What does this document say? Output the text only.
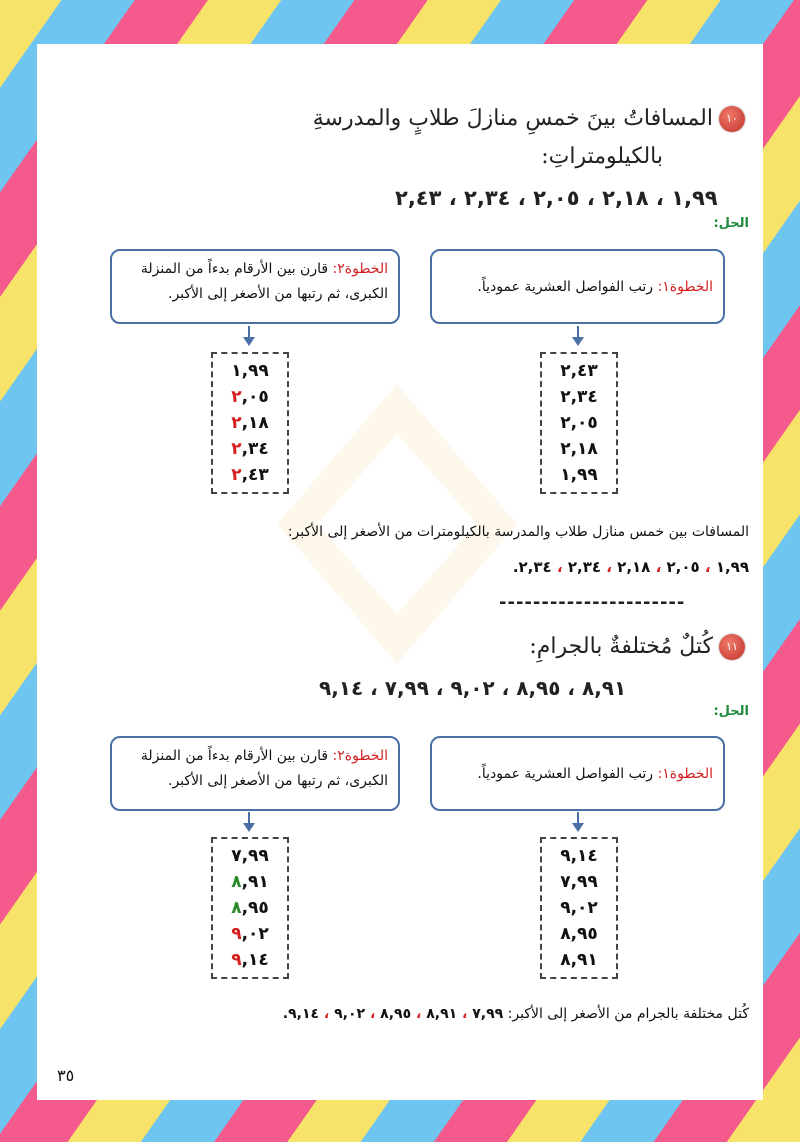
١٠المسافاتُ بينَ خمسِ منازلَ طلابٍ والمدرسةِ
بالكيلومتراتِ:
١,٩٩ ، ٢,١٨ ، ٢,٠٥ ، ٢,٣٤ ، ٢,٤٣
الحل:
الخطوة١: رتب الفواصل العشرية عمودياً.
الخطوة٢: قارن بين الأرقام بدءاً من المنزلة الكبرى، ثم رتبها من الأصغر إلى الأكبر.
٢,٤٣
٢,٣٤
٢,٠٥
٢,١٨
١,٩٩
١,٩٩
٢,٠٥
٢,١٨
٢,٣٤
٢,٤٣
المسافات بين خمس منازل طلاب والمدرسة بالكيلومترات من الأصغر إلى الأكبر:
١,٩٩ ، ٢,٠٥ ، ٢,١٨ ، ٢,٣٤ ، ٢,٣٤.
----------------------
١١كُتلٌ مُختلفةٌ بالجرامِ:
٨,٩١ ، ٨,٩٥ ، ٩,٠٢ ، ٧,٩٩ ، ٩,١٤
الحل:
الخطوة١: رتب الفواصل العشرية عمودياً.
الخطوة٢: قارن بين الأرقام بدءاً من المنزلة الكبرى، ثم رتبها من الأصغر إلى الأكبر.
٩,١٤
٧,٩٩
٩,٠٢
٨,٩٥
٨,٩١
٧,٩٩
٨,٩١
٨,٩٥
٩,٠٢
٩,١٤
كُتل مختلفة بالجرام من الأصغر إلى الأكبر: ٧,٩٩ ، ٨,٩١ ، ٨,٩٥ ، ٩,٠٢ ، ٩,١٤.
٣٥
